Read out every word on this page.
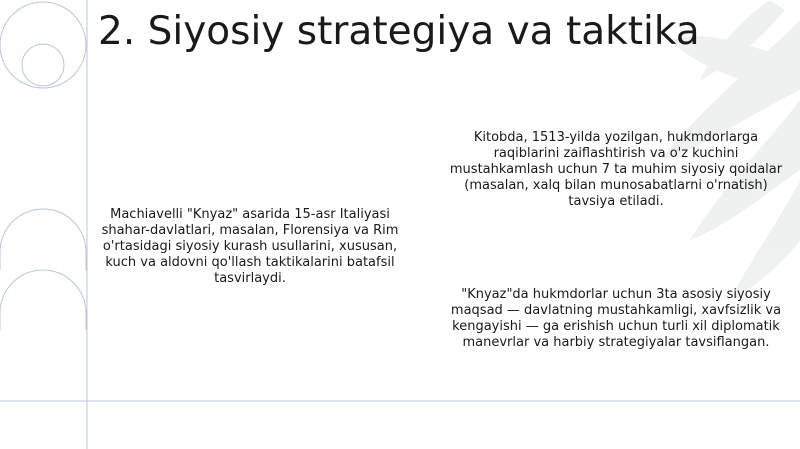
2. Siyosiy strategiya va taktika

Machiavelli "Knyaz" asarida 15-asr Italiyasi shahar-davlatlari, masalan, Florensiya va Rim o'rtasidagi siyosiy kurash usullarini, xususan, kuch va aldovni qo'llash taktikalarini batafsil tasvirlaydi.

Kitobda, 1513-yilda yozilgan, hukmdorlarga raqiblarini zaiflashtirish va o'z kuchini mustahkamlash uchun 7 ta muhim siyosiy qoidalar (masalan, xalq bilan munosabatlarni o'rnatish) tavsiya etiladi.

"Knyaz"da hukmdorlar uchun 3ta asosiy siyosiy maqsad — davlatning mustahkamligi, xavfsizlik va kengayishi — ga erishish uchun turli xil diplomatik manevrlar va harbiy strategiyalar tavsiflangan.
